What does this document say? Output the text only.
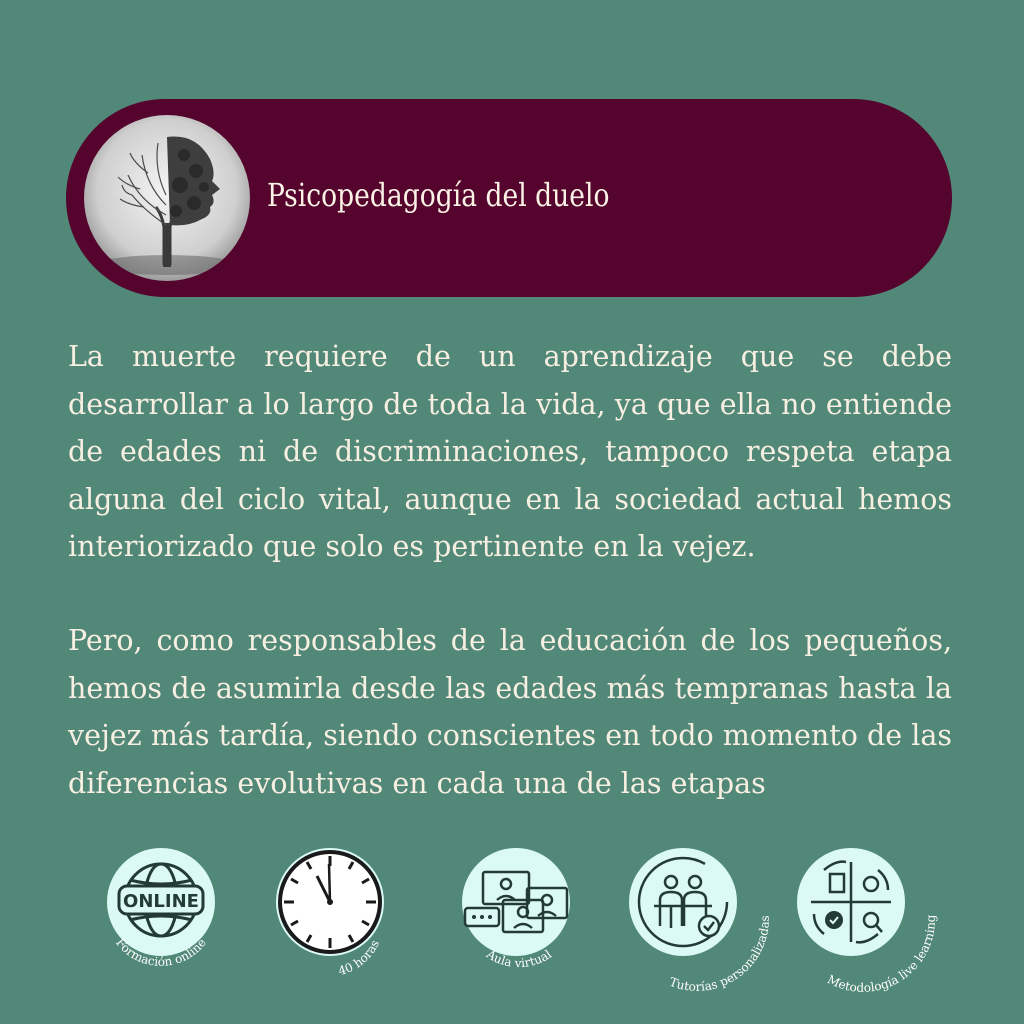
Psicopedagogía del duelo

La muerte requiere de un aprendizaje que se debe desarrollar a lo largo de toda la vida, ya que ella no entiende de edades ni de discriminaciones, tampoco respeta etapa alguna del ciclo vital, aunque en la sociedad actual hemos interiorizado que solo es pertinente en la vejez.

Pero, como responsables de la educación de los pequeños, hemos de asumirla desde las edades más tempranas hasta la vejez más tardía, siendo conscientes en todo momento de las diferencias evolutivas en cada una de las etapas

ONLINE
Formación online
40 horas
Aula virtual
Tutorías personalizadas
Metodología live learning
